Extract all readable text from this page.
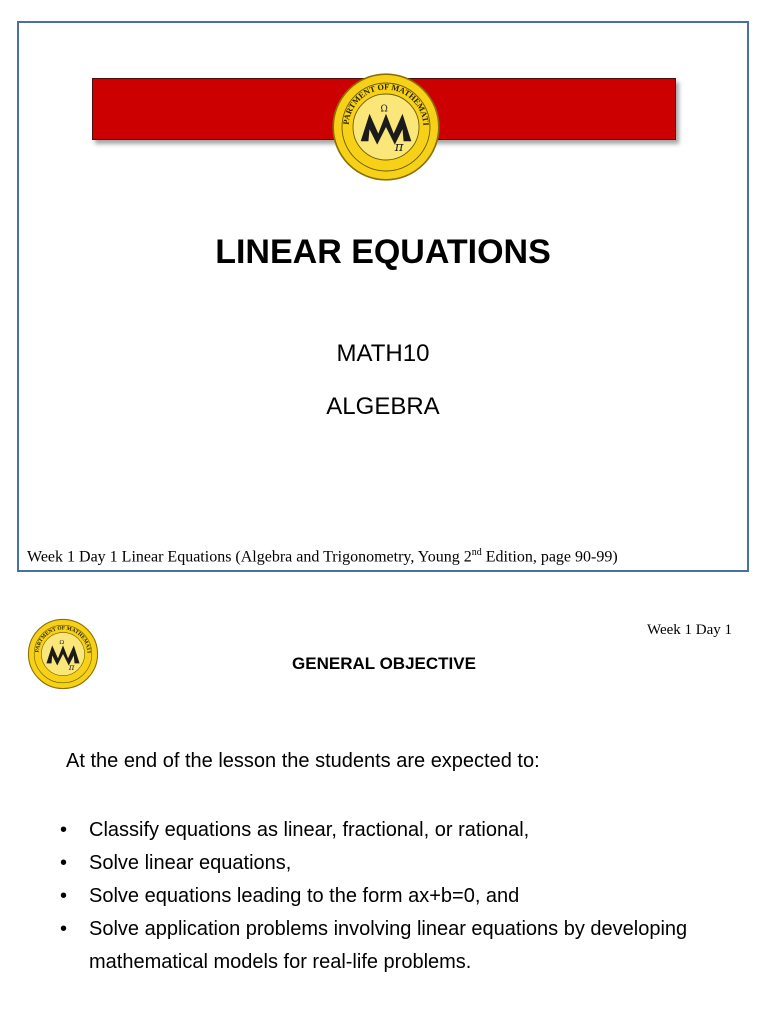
LINEAR EQUATIONS
MATH10
ALGEBRA
Week 1 Day 1 Linear Equations (Algebra and Trigonometry, Young 2nd Edition, page 90-99)
Week 1 Day 1
GENERAL OBJECTIVE
At the end of the lesson the students are expected to:
• Classify equations as linear, fractional, or rational,
• Solve linear equations,
• Solve equations leading to the form ax+b=0, and
• Solve application problems involving linear equations by developing mathematical models for real-life problems.
